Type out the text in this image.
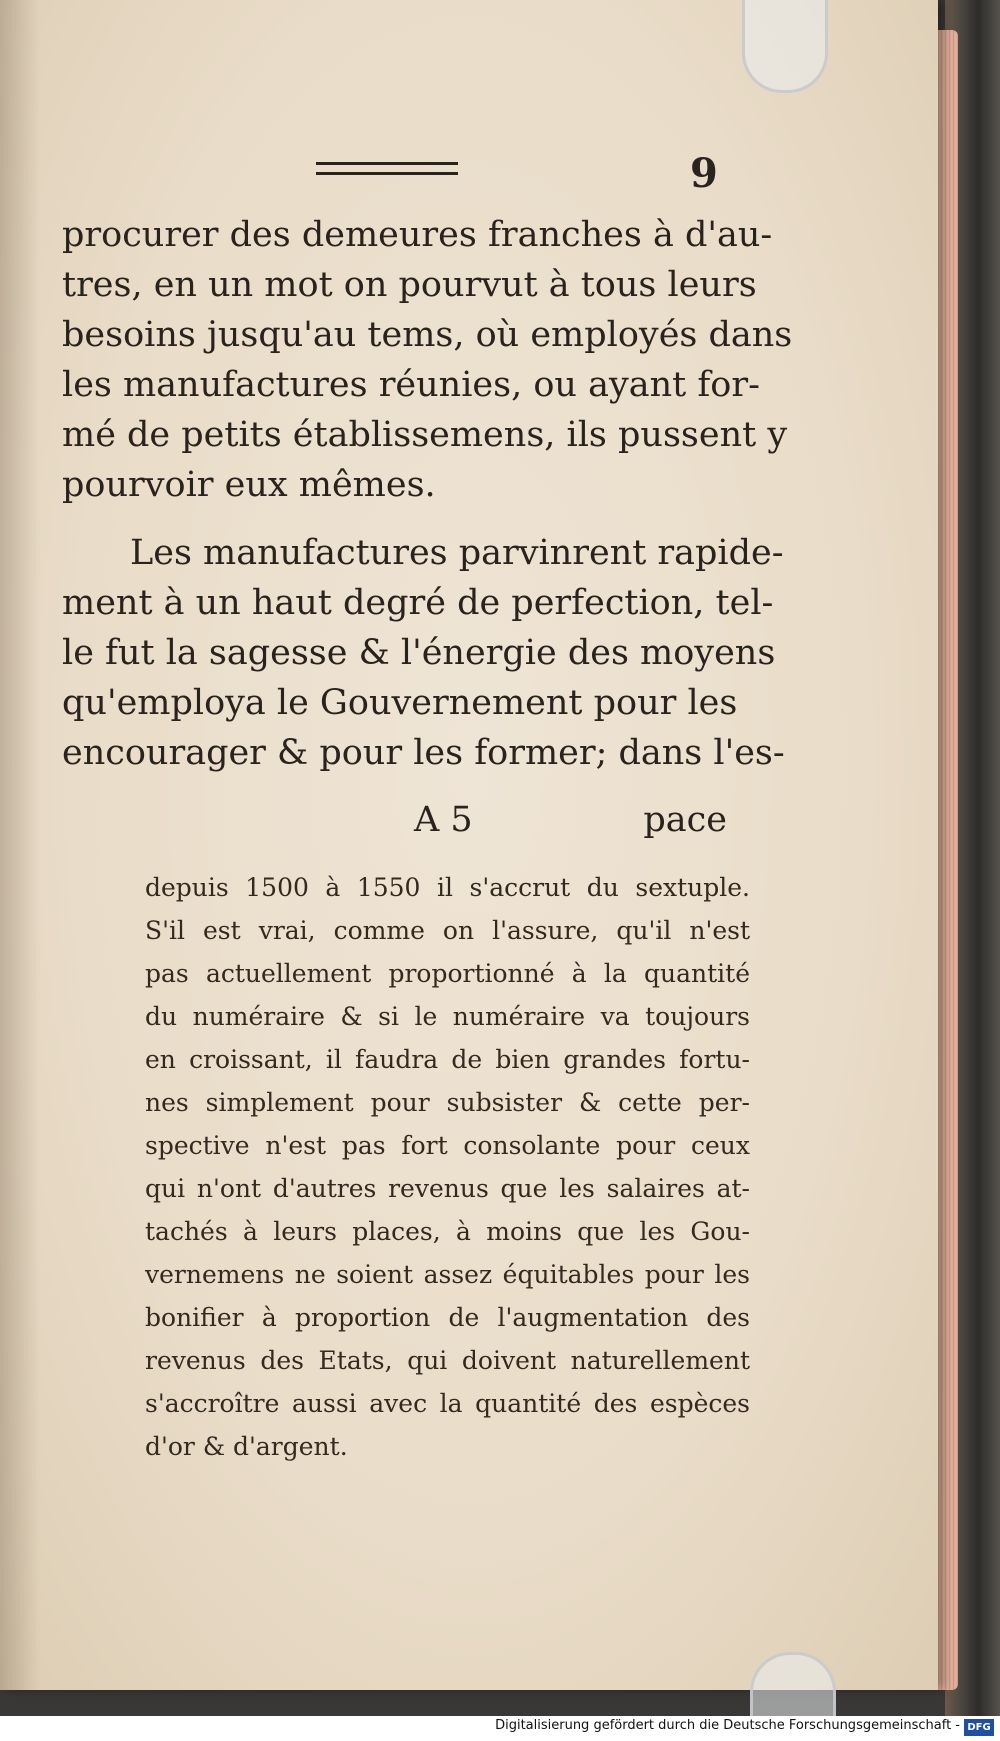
9
procurer des demeures franches à d'au-
tres, en un mot on pourvut à tous leurs
besoins jusqu'au tems, où employés dans
les manufactures réunies, ou ayant for-
mé de petits établissemens, ils pussent y
pourvoir eux mêmes.
Les manufactures parvinrent rapide-
ment à un haut degré de perfection, tel-
le fut la sagesse & l'énergie des moyens
qu'employa le Gouvernement pour les
encourager & pour les former; dans l'es-
A 5	pace
depuis 1500 à 1550 il s'accrut du sextuple.
S'il est vrai, comme on l'assure, qu'il n'est
pas actuellement proportionné à la quantité
du numéraire & si le numéraire va toujours
en croissant, il faudra de bien grandes fortu-
nes simplement pour subsister & cette per-
spective n'est pas fort consolante pour ceux
qui n'ont d'autres revenus que les salaires at-
tachés à leurs places, à moins que les Gou-
vernemens ne soient assez équitables pour les
bonifier à proportion de l'augmentation des
revenus des Etats, qui doivent naturellement
s'accroître aussi avec la quantité des espèces
d'or & d'argent.
Digitalisierung gefördert durch die Deutsche Forschungsgemeinschaft - DFG
